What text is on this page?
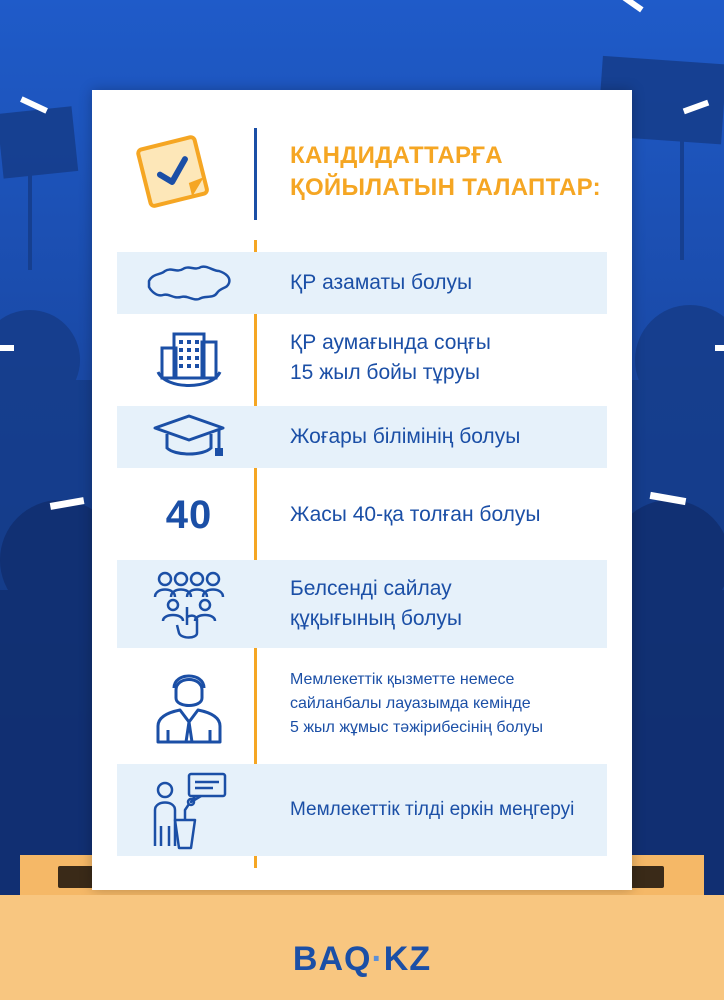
КАНДИДАТТАРҒА
ҚОЙЫЛАТЫН ТАЛАПТАР:
ҚР азаматы болуы
ҚР аумағында соңғы
15 жыл бойы тұруы
Жоғары білімінің болуы
40	Жасы 40-қа толған болуы
Белсенді сайлау
құқығының болуы
Мемлекеттік қызметте немесе
сайланбалы лауазымда кемінде
5 жыл жұмыс тәжірибесінің болуы
Мемлекеттік тілді еркін меңгеруі
BAQ·KZ
